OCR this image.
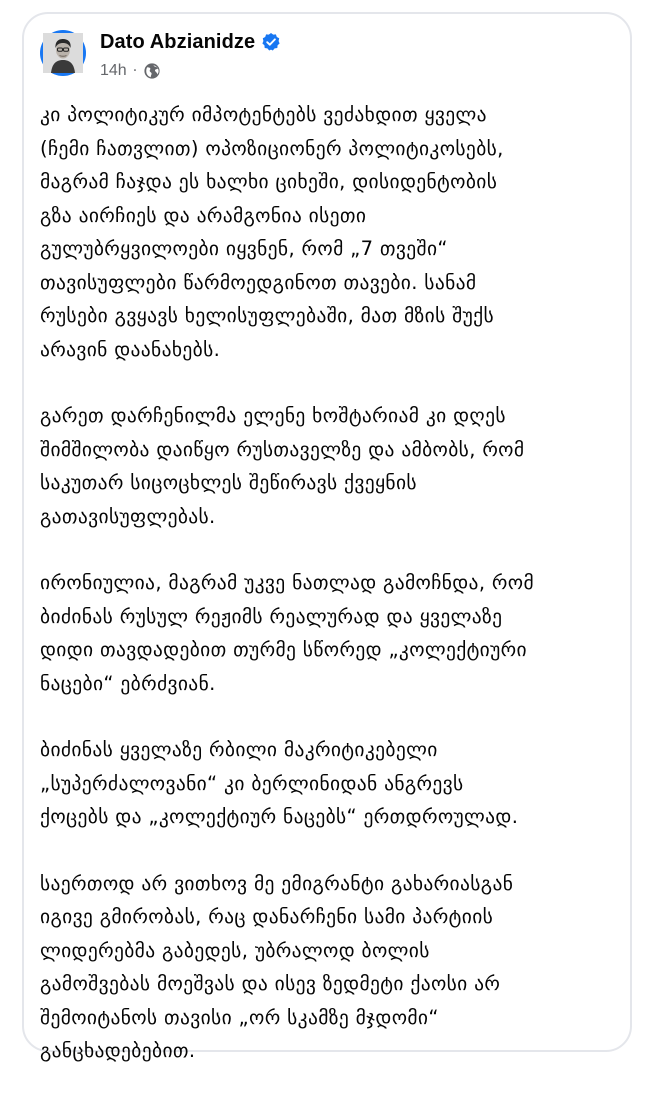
Dato Abzianidze
14h ·

კი პოლიტიკურ იმპოტენტებს ვეძახდით ყველა
(ჩემი ჩათვლით) ოპოზიციონერ პოლიტიკოსებს,
მაგრამ ჩაჯდა ეს ხალხი ციხეში, დისიდენტობის
გზა აირჩიეს და არამგონია ისეთი
გულუბრყვილოები იყვნენ, რომ „7 თვეში“
თავისუფლები წარმოედგინოთ თავები. სანამ
რუსები გვყავს ხელისუფლებაში, მათ მზის შუქს
არავინ დაანახებს.

გარეთ დარჩენილმა ელენე ხოშტარიამ კი დღეს
შიმშილობა დაიწყო რუსთაველზე და ამბობს, რომ
საკუთარ სიცოცხლეს შეწირავს ქვეყნის
გათავისუფლებას.

ირონიულია, მაგრამ უკვე ნათლად გამოჩნდა, რომ
ბიძინას რუსულ რეჟიმს რეალურად და ყველაზე
დიდი თავდადებით თურმე სწორედ „კოლექტიური
ნაცები“ ებრძვიან.

ბიძინას ყველაზე რბილი მაკრიტიკებელი
„სუპერძალოვანი“ კი ბერლინიდან ანგრევს
ქოცებს და „კოლექტიურ ნაცებს“ ერთდროულად.

საერთოდ არ ვითხოვ მე ემიგრანტი გახარიასგან
იგივე გმირობას, რაც დანარჩენი სამი პარტიის
ლიდერებმა გაბედეს, უბრალოდ ბოლის
გამოშვებას მოეშვას და ისევ ზედმეტი ქაოსი არ
შემოიტანოს თავისი „ორ სკამზე მჯდომი“
განცხადებებით.
